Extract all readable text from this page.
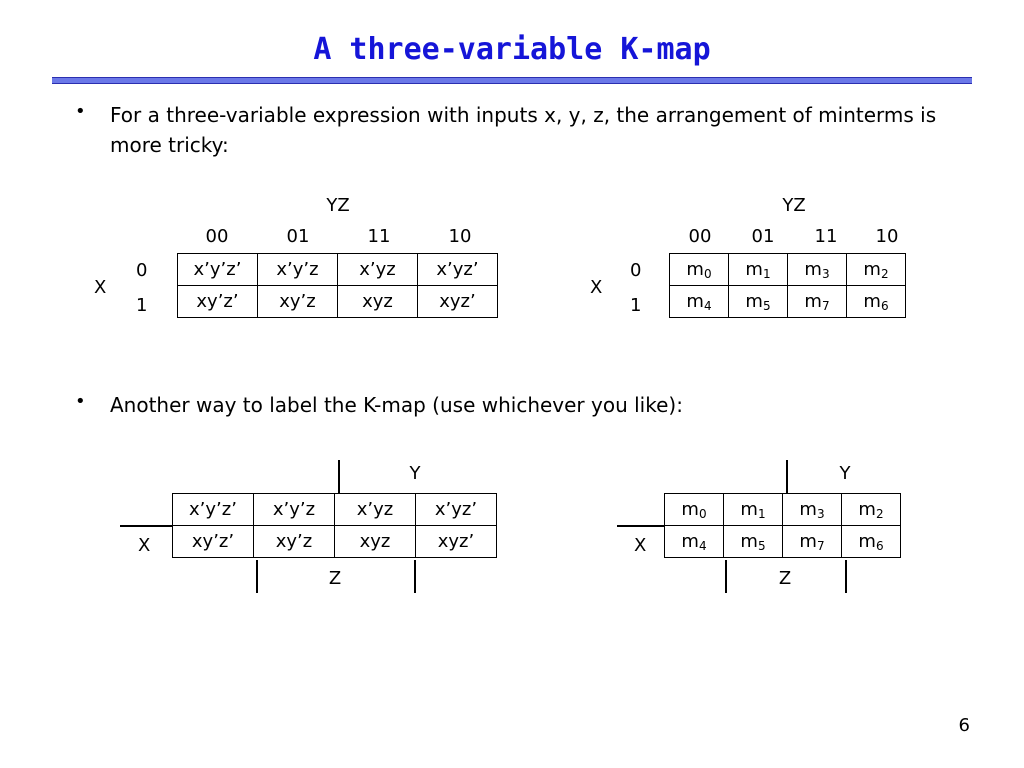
A three-variable K-map
• For a three-variable expression with inputs x, y, z, the arrangement of minterms is more tricky:
YZ
00	01	11	10
X
0
1
x’y’z’	x’y’z	x’yz	x’yz’
xy’z’	xy’z	xyz	xyz’
YZ
00	01	11	10
X
0
1
$m_0$	$m_1$	$m_3$	$m_2$
$m_4$	$m_5$	$m_7$	$m_6$
• Another way to label the K-map (use whichever you like):
Y
X
x’y’z’	x’y’z	x’yz	x’yz’
xy’z’	xy’z	xyz	xyz’
Z
Y
X
$m_0$	$m_1$	$m_3$	$m_2$
$m_4$	$m_5$	$m_7$	$m_6$
Z
6
